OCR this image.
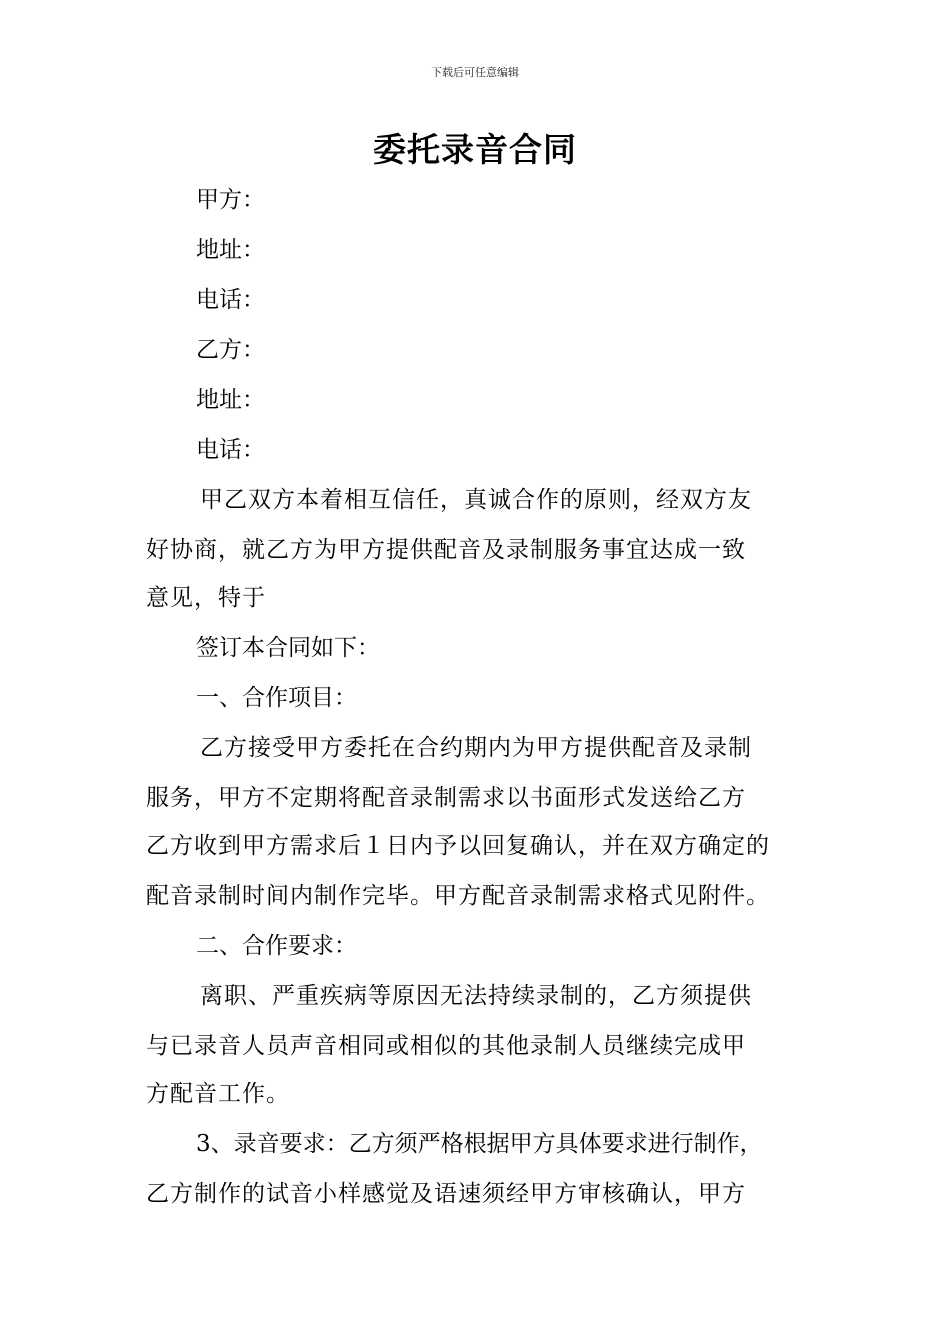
下载后可任意编辑
委托录音合同
甲方：
地址：
电话：
乙方：
地址：
电话：
甲乙双方本着相互信任，真诚合作的原则，经双方友
好协商，就乙方为甲方提供配音及录制服务事宜达成一致
意见，特于
签订本合同如下：
一、合作项目：
乙方接受甲方委托在合约期内为甲方提供配音及录制
服务，甲方不定期将配音录制需求以书面形式发送给乙方
乙方收到甲方需求后１日内予以回复确认，并在双方确定的
配音录制时间内制作完毕。甲方配音录制需求格式见附件。
二、合作要求：
离职、严重疾病等原因无法持续录制的，乙方须提供
与已录音人员声音相同或相似的其他录制人员继续完成甲
方配音工作。
3、录音要求：乙方须严格根据甲方具体要求进行制作，
乙方制作的试音小样感觉及语速须经甲方审核确认，甲方
